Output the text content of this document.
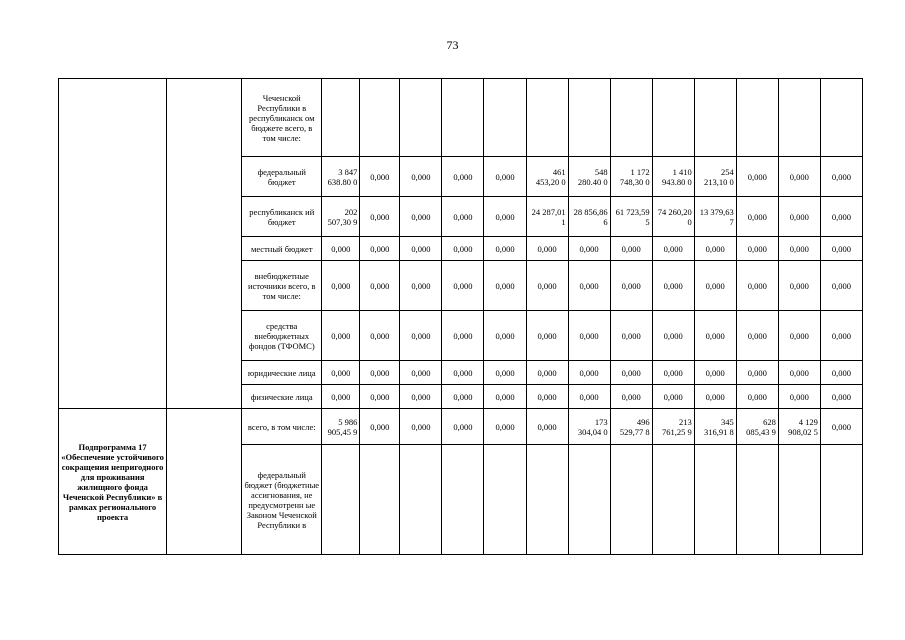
73
		Чеченской Республики в республиканск ом бюджете всего, в том числе:													
		федеральный бюджет	3 847 638.80 0	0,000	0,000	0,000	0,000	461 453,20 0	548 280.40 0	1 172 748,30 0	1 410 943.80 0	254 213,10 0	0,000	0,000	0,000
		республиканск ий бюджет	202 507,30 9	0,000	0,000	0,000	0,000	24 287,01 1	28 856,86 6	61 723,59 5	74 260,20 0	13 379,63 7	0,000	0,000	0,000
		местный бюджет	0,000	0,000	0,000	0,000	0,000	0,000	0,000	0,000	0,000	0,000	0,000	0,000	0,000
		внебюджетные источники всего, в том числе:	0,000	0,000	0,000	0,000	0,000	0,000	0,000	0,000	0,000	0,000	0,000	0,000	0,000
		средства внебюджетных фондов (ТФОМС)	0,000	0,000	0,000	0,000	0,000	0,000	0,000	0,000	0,000	0,000	0,000	0,000	0,000
		юридические лица	0,000	0,000	0,000	0,000	0,000	0,000	0,000	0,000	0,000	0,000	0,000	0,000	0,000
		физические лица	0,000	0,000	0,000	0,000	0,000	0,000	0,000	0,000	0,000	0,000	0,000	0,000	0,000
Подпрограмма 17 «Обеспечение устойчивого сокращения непригодного для проживания жилищного фонда Чеченской Республики» в рамках регионального проекта		всего, в том числе:	5 986 905,45 9	0,000	0,000	0,000	0,000	0,000	173 304,04 0	496 529,77 8	213 761,25 9	345 316,91 8	628 085,43 9	4 129 908,02 5	0,000
		федеральный бюджет (бюджетные ассигнования, не предусмотренн ые Законом Чеченской Республики в													
